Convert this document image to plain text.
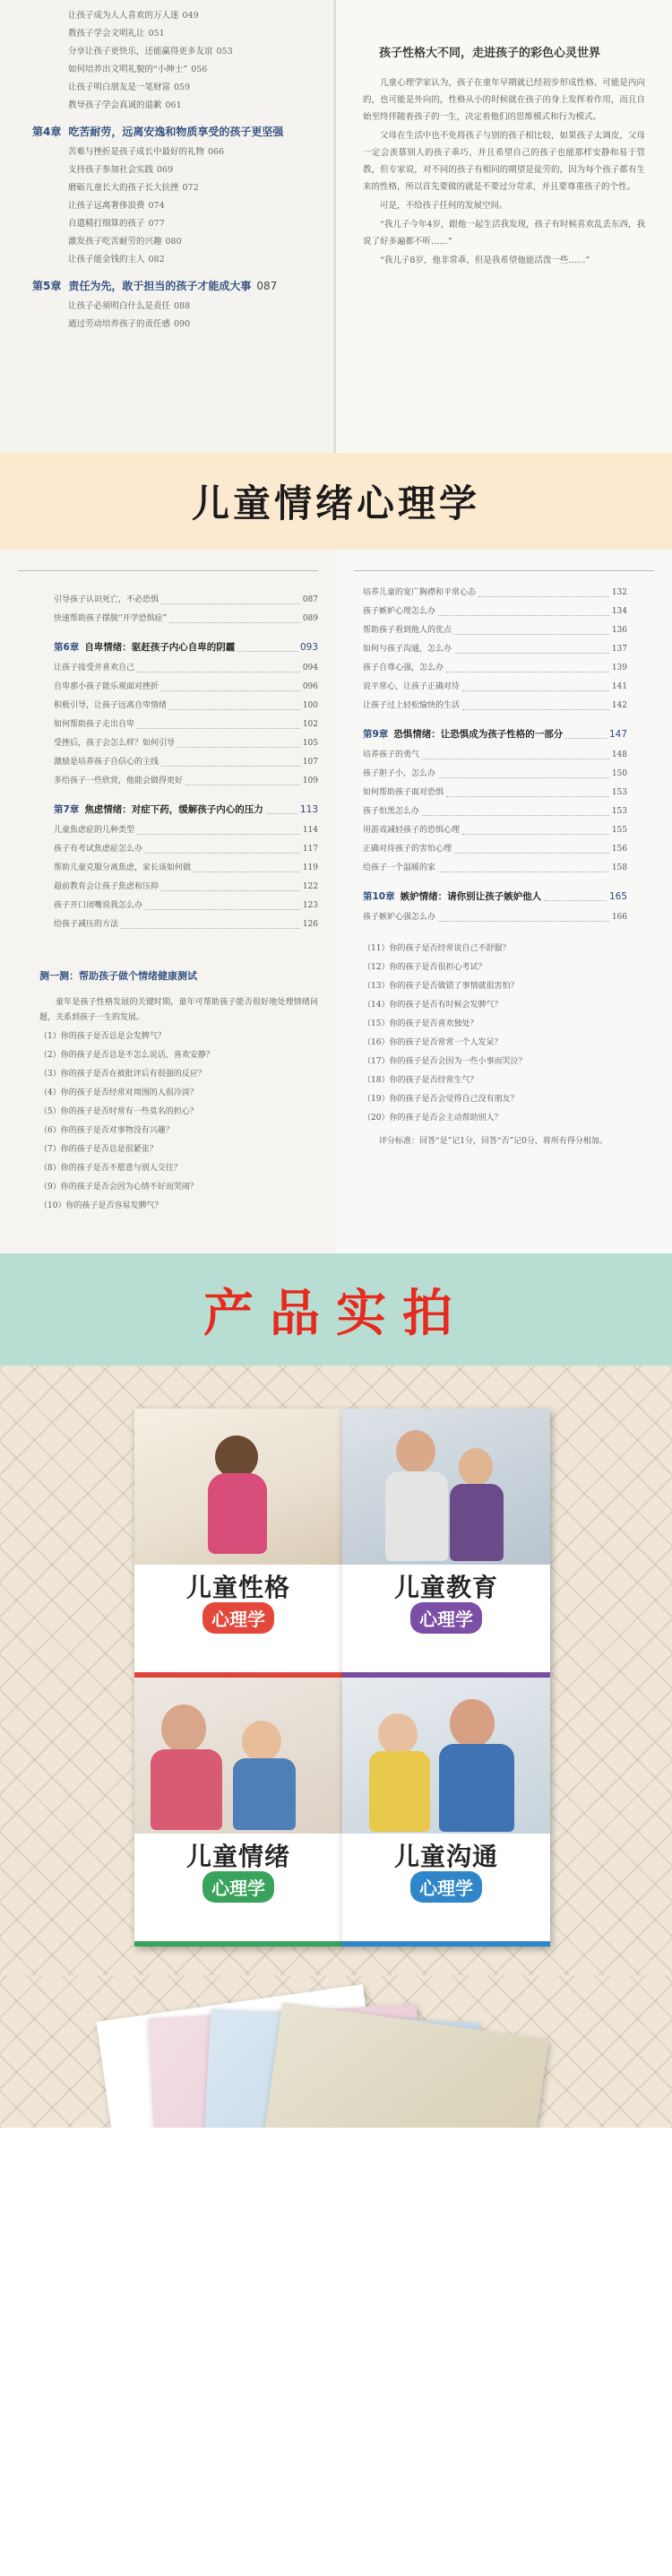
让孩子成为人人喜欢的万人迷 049
教孩子学会文明礼让 051
分享让孩子更快乐，还能赢得更多友谊 053
如何培养出文明礼貌的“小绅士” 056
让孩子明白朋友是一笔财富 059
教导孩子学会真诚的道歉 061
第4章 吃苦耐劳，远离安逸和物质享受的孩子更坚强
苦难与挫折是孩子成长中最好的礼物 066
支持孩子参加社会实践 069
磨砺儿童长大的孩子长大抗挫 072
让孩子远离奢侈浪费 074
自遣精打细算的孩子 077
激发孩子吃苦耐劳的兴趣 080
让孩子能金钱的主人 082
第5章 责任为先，敢于担当的孩子才能成大事 087
让孩子必须明白什么是责任 088
通过劳动培养孩子的责任感 090
孩子性格大不同，走进孩子的彩色心灵世界
儿童心理学家认为，孩子在童年早期就已经初步形成性格。可能是内向的，也可能是外向的，性格从小的时候就在孩子的身上发挥着作用，而且自始至终伴随着孩子的一生，决定着他们的思维模式和行为模式。
父母在生活中也不免将孩子与别的孩子相比较，如果孩子太调皮，父母一定会羡慕别人的孩子乖巧，并且希望自己的孩子也能那样安静和易于管教，但专家说，对不同的孩子有相同的期望是徒劳的，因为每个孩子都有生来的性格，所以首先要做的就是不要过分苛求，并且要尊重孩子的个性。
可是，不给孩子任何的发展空间。
“我儿子今年4岁，跟他一起生活我发现，孩子有时候喜欢乱丢东西，我说了好多遍都不听……”
“我儿子8岁，他非常乖，但是我希望他能活泼一些……”
儿童情绪心理学
引导孩子认识死亡，不必恐惧	087
快速帮助孩子摆脱“开学恐惧症”	089
第6章 自卑情绪：驱赶孩子内心自卑的阴霾	093
让孩子接受并喜欢自己	094
自卑那小孩子能乐观面对挫折	096
积极引导，让孩子远离自卑情绪	100
如何帮助孩子走出自卑	102
受挫后，孩子会怎么样？如何引导	105
激励是培养孩子自信心的主线	107
多给孩子一些欣赏，他能会做得更好	109
第7章 焦虑情绪：对症下药，缓解孩子内心的压力	113
儿童焦虑症的几种类型	114
孩子有考试焦虑症怎么办	117
帮助儿童克服分离焦虑，家长该如何做	119
超前教育会让孩子焦虑和压抑	122
孩子开口闭嘴说我怎么办	123
给孩子减压的方法	126
培养儿童的宽广胸襟和平常心态	132
孩子嫉妒心理怎么办	134
帮助孩子看到他人的优点	136
如何与孩子沟通，怎么办	137
孩子自尊心强，怎么办	139
说平常心，让孩子正确对待	141
让孩子过上轻松愉快的生活	142
第9章 恐惧情绪：让恐惧成为孩子性格的一部分	147
培养孩子的勇气	148
孩子胆子小，怎么办	150
如何帮助孩子面对恐惧	153
孩子怕黑怎么办	153
用游戏减轻孩子的恐惧心理	155
正确对待孩子的害怕心理	156
给孩子一个温暖的家	158
第10章 嫉妒情绪：请你别让孩子嫉妒他人	165
孩子嫉妒心强怎么办	166
测一测：帮助孩子做个情绪健康测试
童年是孩子性格发展的关键时期，童年可帮助孩子能否很好地处理情绪问题，关系到孩子一生的发展。
（1）你的孩子是否总是会发脾气？
（2）你的孩子是否总是不怎么说话，喜欢安静？
（3）你的孩子是否在被批评后有很强的反应？
（4）你的孩子是否经常对周围的人很冷淡？
（5）你的孩子是否时常有一些莫名的担心？
（6）你的孩子是否对事物没有兴趣？
（7）你的孩子是否总是很紧张？
（8）你的孩子是否不愿意与别人交往？
（9）你的孩子是否会因为心情不好而哭闹？
（10）你的孩子是否容易发脾气？
（11）你的孩子是否经常说自己不舒服？
（12）你的孩子是否很担心考试？
（13）你的孩子是否做错了事情就很害怕？
（14）你的孩子是否有时候会发脾气？
（15）你的孩子是否喜欢独处？
（16）你的孩子是否常常一个人发呆？
（17）你的孩子是否会因为一些小事而哭泣？
（18）你的孩子是否经常生气？
（19）你的孩子是否会觉得自己没有朋友？
（20）你的孩子是否会主动帮助别人？
评分标准：回答“是”记1分，回答“否”记0分，将所有得分相加。
产品实拍
儿童性格
心理学
儿童教育
心理学
儿童情绪
心理学
儿童沟通
心理学
